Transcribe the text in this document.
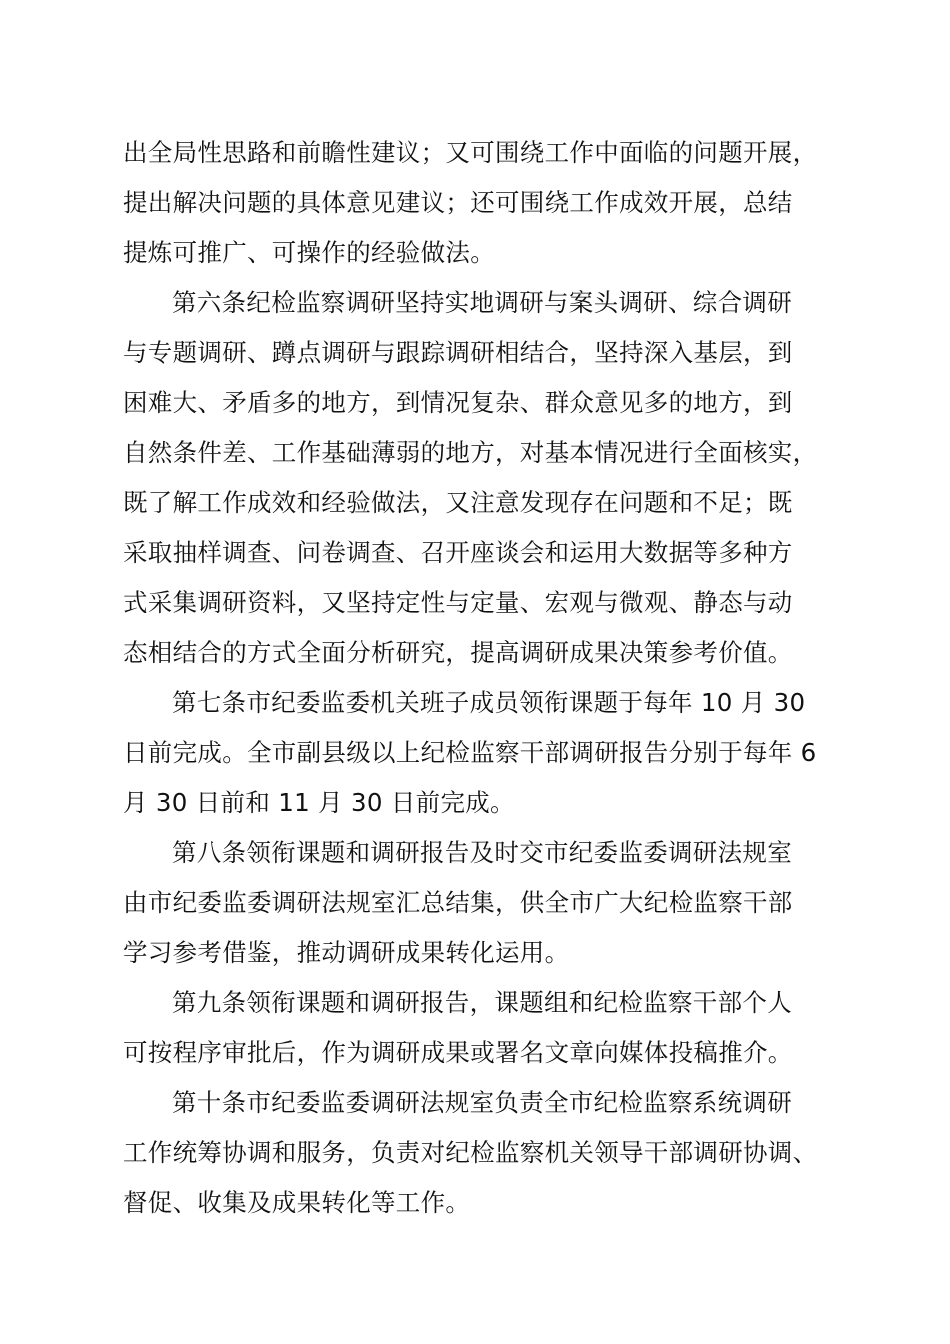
出全局性思路和前瞻性建议；又可围绕工作中面临的问题开展，
提出解决问题的具体意见建议；还可围绕工作成效开展，总结
提炼可推广、可操作的经验做法。
第六条纪检监察调研坚持实地调研与案头调研、综合调研
与专题调研、蹲点调研与跟踪调研相结合，坚持深入基层，到
困难大、矛盾多的地方，到情况复杂、群众意见多的地方，到
自然条件差、工作基础薄弱的地方，对基本情况进行全面核实，
既了解工作成效和经验做法，又注意发现存在问题和不足；既
采取抽样调查、问卷调查、召开座谈会和运用大数据等多种方
式采集调研资料，又坚持定性与定量、宏观与微观、静态与动
态相结合的方式全面分析研究，提高调研成果决策参考价值。
第七条市纪委监委机关班子成员领衔课题于每年 10 月 30
日前完成。全市副县级以上纪检监察干部调研报告分别于每年 6
月 30 日前和 11 月 30 日前完成。
第八条领衔课题和调研报告及时交市纪委监委调研法规室
由市纪委监委调研法规室汇总结集，供全市广大纪检监察干部
学习参考借鉴，推动调研成果转化运用。
第九条领衔课题和调研报告，课题组和纪检监察干部个人
可按程序审批后，作为调研成果或署名文章向媒体投稿推介。
第十条市纪委监委调研法规室负责全市纪检监察系统调研
工作统筹协调和服务，负责对纪检监察机关领导干部调研协调、
督促、收集及成果转化等工作。
